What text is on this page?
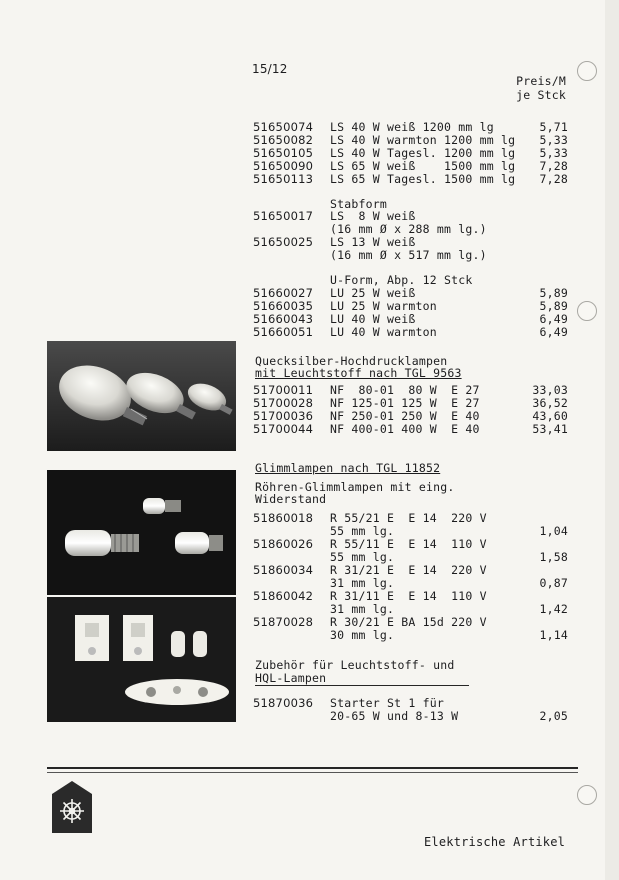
15/12
Preis/M
je Stck
51650074 LS 40 W weiß 1200 mm lg	5,71
51650082 LS 40 W warmton 1200 mm lg	5,33
51650105 LS 40 W Tagesl. 1200 mm lg	5,33
51650090 LS 65 W weiß    1500 mm lg	7,28
51650113 LS 65 W Tagesl. 1500 mm lg	7,28
Stabform
51650017 LS  8 W weiß
(16 mm Ø x 288 mm lg.)
51650025 LS 13 W weiß
(16 mm Ø x 517 mm lg.)
U-Form, Abp. 12 Stck
51660027 LU 25 W weiß	5,89
51660035 LU 25 W warmton	5,89
51660043 LU 40 W weiß	6,49
51660051 LU 40 W warmton	6,49
Quecksilber-Hochdrucklampen
mit Leuchtstoff nach TGL 9563
51700011 NF  80-01  80 W  E 27	33,03
51700028 NF 125-01 125 W  E 27	36,52
51700036 NF 250-01 250 W  E 40	43,60
51700044 NF 400-01 400 W  E 40	53,41
Glimmlampen nach TGL 11852
Röhren-Glimmlampen mit eing.
Widerstand
51860018 R 55/21 E  E 14  220 V
55 mm lg.	1,04
51860026 R 55/11 E  E 14  110 V
55 mm lg.	1,58
51860034 R 31/21 E  E 14  220 V
31 mm lg.	0,87
51860042 R 31/11 E  E 14  110 V
31 mm lg.	1,42
51870028 R 30/21 E BA 15d 220 V
30 mm lg.	1,14
Zubehör für Leuchtstoff- und
HQL-Lampen
51870036 Starter St 1 für
20-65 W und 8-13 W	2,05
Elektrische Artikel
